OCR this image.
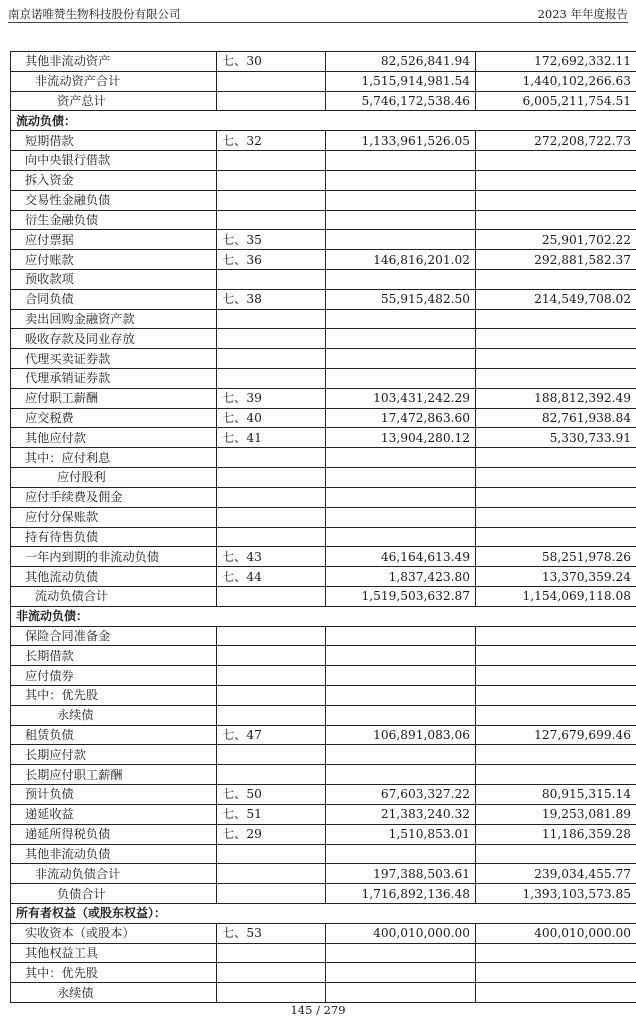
南京诺唯赞生物科技股份有限公司	2023 年年度报告
其他非流动资产	七、30	82,526,841.94	172,692,332.11
非流动资产合计		1,515,914,981.54	1,440,102,266.63
资产总计		5,746,172,538.46	6,005,211,754.51
流动负债：			
短期借款	七、32	1,133,961,526.05	272,208,722.73
向中央银行借款			
拆入资金			
交易性金融负债			
衍生金融负债			
应付票据	七、35		25,901,702.22
应付账款	七、36	146,816,201.02	292,881,582.37
预收款项			
合同负债	七、38	55,915,482.50	214,549,708.02
卖出回购金融资产款			
吸收存款及同业存放			
代理买卖证券款			
代理承销证券款			
应付职工薪酬	七、39	103,431,242.29	188,812,392.49
应交税费	七、40	17,472,863.60	82,761,938.84
其他应付款	七、41	13,904,280.12	5,330,733.91
其中：应付利息			
应付股利			
应付手续费及佣金			
应付分保账款			
持有待售负债			
一年内到期的非流动负债	七、43	46,164,613.49	58,251,978.26
其他流动负债	七、44	1,837,423.80	13,370,359.24
流动负债合计		1,519,503,632.87	1,154,069,118.08
非流动负债：			
保险合同准备金			
长期借款			
应付债券			
其中：优先股			
永续债			
租赁负债	七、47	106,891,083.06	127,679,699.46
长期应付款			
长期应付职工薪酬			
预计负债	七、50	67,603,327.22	80,915,315.14
递延收益	七、51	21,383,240.32	19,253,081.89
递延所得税负债	七、29	1,510,853.01	11,186,359.28
其他非流动负债			
非流动负债合计		197,388,503.61	239,034,455.77
负债合计		1,716,892,136.48	1,393,103,573.85
所有者权益（或股东权益）：			
实收资本（或股本）	七、53	400,010,000.00	400,010,000.00
其他权益工具			
其中：优先股			
永续债			
145 / 279
